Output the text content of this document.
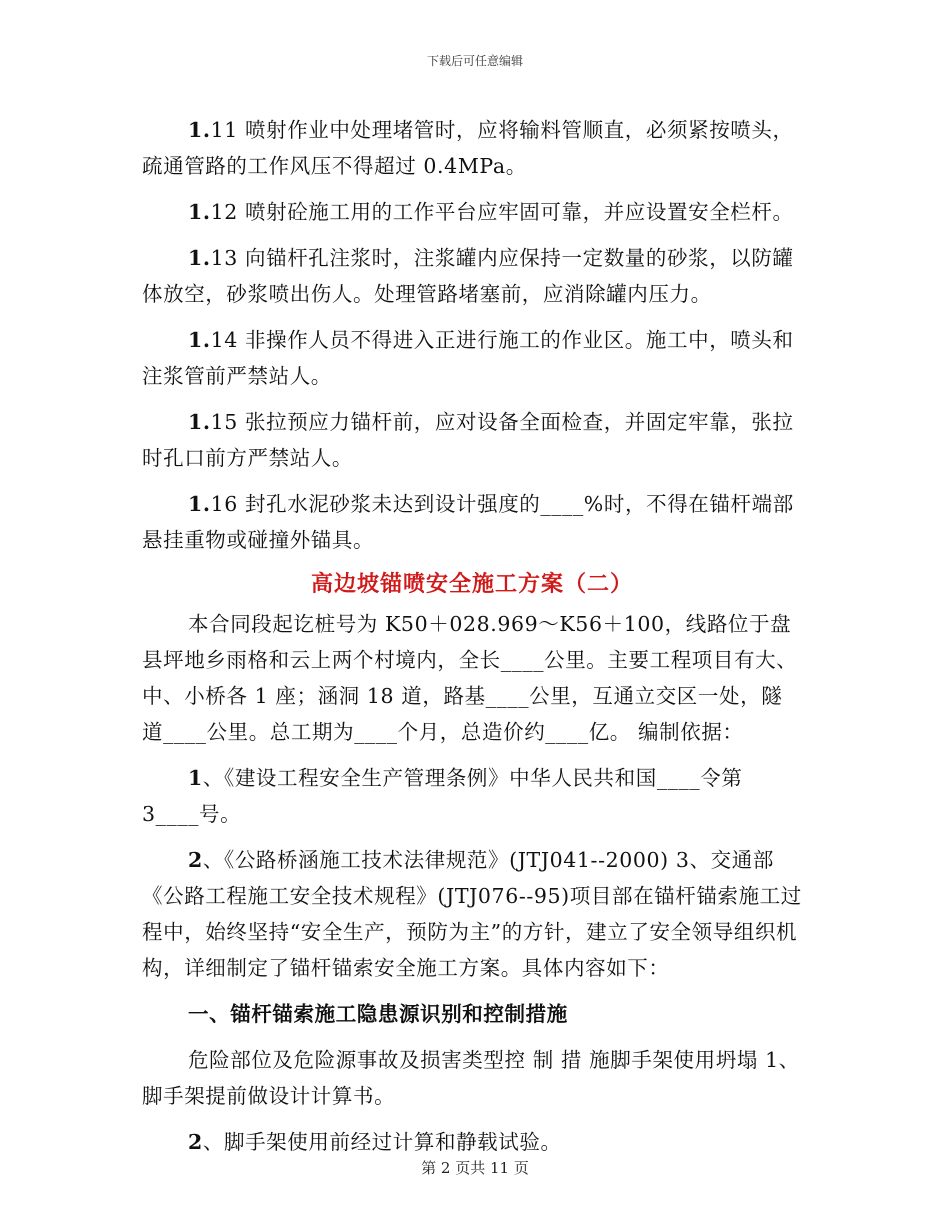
下载后可任意编辑

1.11 喷射作业中处理堵管时，应将输料管顺直，必须紧按喷头，疏通管路的工作风压不得超过 0.4MPa。

1.12 喷射砼施工用的工作平台应牢固可靠，并应设置安全栏杆。

1.13 向锚杆孔注浆时，注浆罐内应保持一定数量的砂浆，以防罐体放空，砂浆喷出伤人。处理管路堵塞前，应消除罐内压力。

1.14 非操作人员不得进入正进行施工的作业区。施工中，喷头和注浆管前严禁站人。

1.15 张拉预应力锚杆前，应对设备全面检查，并固定牢靠，张拉时孔口前方严禁站人。

1.16 封孔水泥砂浆未达到设计强度的____%时，不得在锚杆端部悬挂重物或碰撞外锚具。

高边坡锚喷安全施工方案（二）

本合同段起讫桩号为 K50＋028.969～K56＋100，线路位于盘县坪地乡雨格和云上两个村境内，全长____公里。主要工程项目有大、中、小桥各 1 座；涵洞 18 道，路基____公里，互通立交区一处，隧道____公里。总工期为____个月，总造价约____亿。 编制依据：

1、《建设工程安全生产管理条例》中华人民共和国____令第 3____号。

2、《公路桥涵施工技术法律规范》(JTJ041--2000) 3、交通部《公路工程施工安全技术规程》(JTJ076--95)项目部在锚杆锚索施工过程中，始终坚持“安全生产，预防为主”的方针，建立了安全领导组织机构，详细制定了锚杆锚索安全施工方案。具体内容如下：

一、锚杆锚索施工隐患源识别和控制措施

危险部位及危险源事故及损害类型控 制 措 施脚手架使用坍塌 1、脚手架提前做设计计算书。

2、脚手架使用前经过计算和静载试验。

第 2 页共 11 页
